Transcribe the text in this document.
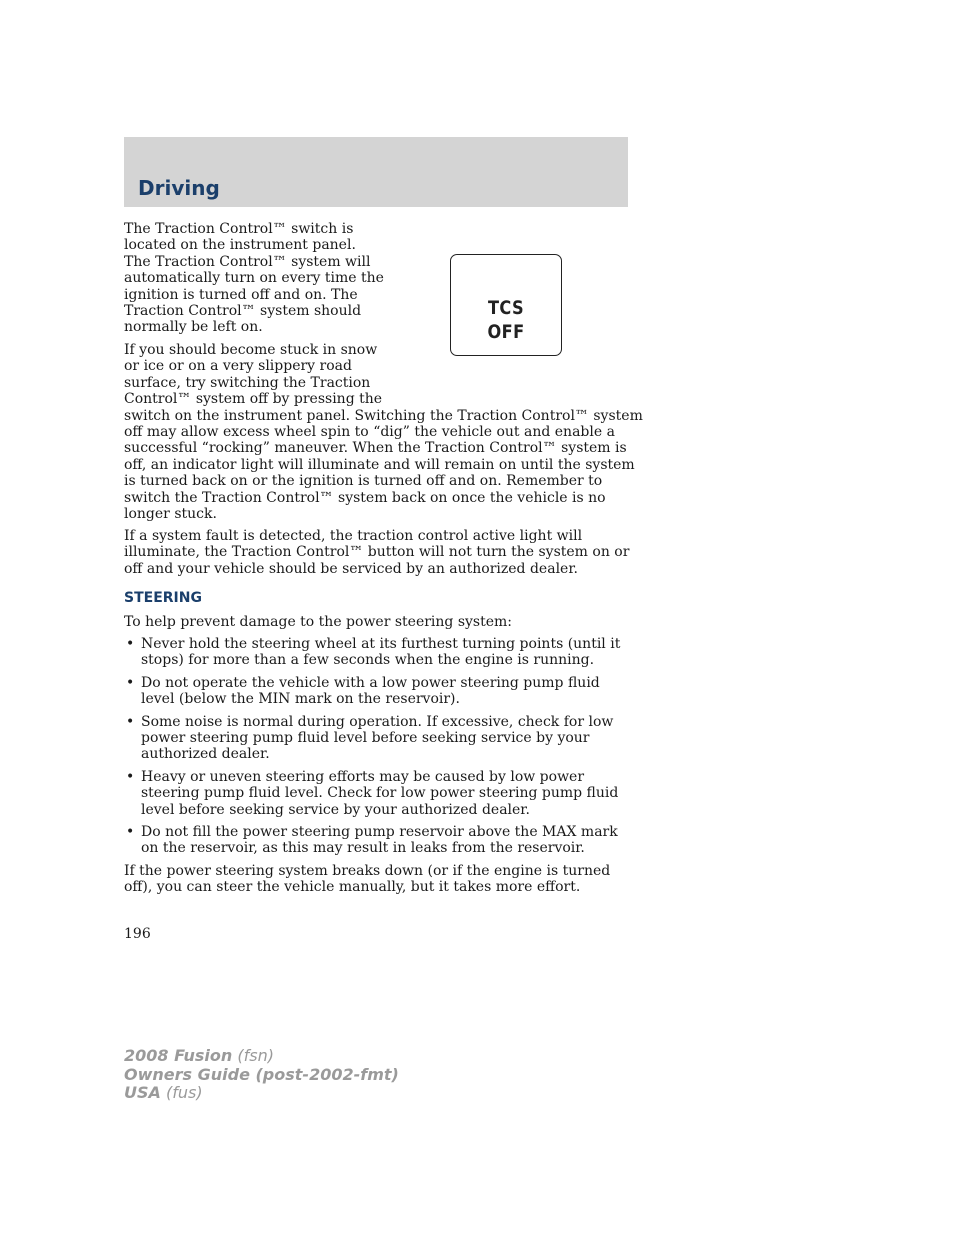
Driving

The Traction Control™ switch is
located on the instrument panel.
The Traction Control™ system will
automatically turn on every time the
ignition is turned off and on. The
Traction Control™ system should
normally be left on.

TCS
OFF

If you should become stuck in snow
or ice or on a very slippery road
surface, try switching the Traction
Control™ system off by pressing the
switch on the instrument panel. Switching the Traction Control™ system
off may allow excess wheel spin to “dig” the vehicle out and enable a
successful “rocking” maneuver. When the Traction Control™ system is
off, an indicator light will illuminate and will remain on until the system
is turned back on or the ignition is turned off and on. Remember to
switch the Traction Control™ system back on once the vehicle is no
longer stuck.

If a system fault is detected, the traction control active light will
illuminate, the Traction Control™ button will not turn the system on or
off and your vehicle should be serviced by an authorized dealer.

STEERING

To help prevent damage to the power steering system:

• Never hold the steering wheel at its furthest turning points (until it stops) for more than a few seconds when the engine is running.
• Do not operate the vehicle with a low power steering pump fluid level (below the MIN mark on the reservoir).
• Some noise is normal during operation. If excessive, check for low power steering pump fluid level before seeking service by your authorized dealer.
• Heavy or uneven steering efforts may be caused by low power steering pump fluid level. Check for low power steering pump fluid level before seeking service by your authorized dealer.
• Do not fill the power steering pump reservoir above the MAX mark on the reservoir, as this may result in leaks from the reservoir.

If the power steering system breaks down (or if the engine is turned
off), you can steer the vehicle manually, but it takes more effort.

196

2008 Fusion (fsn)
Owners Guide (post-2002-fmt)
USA (fus)
